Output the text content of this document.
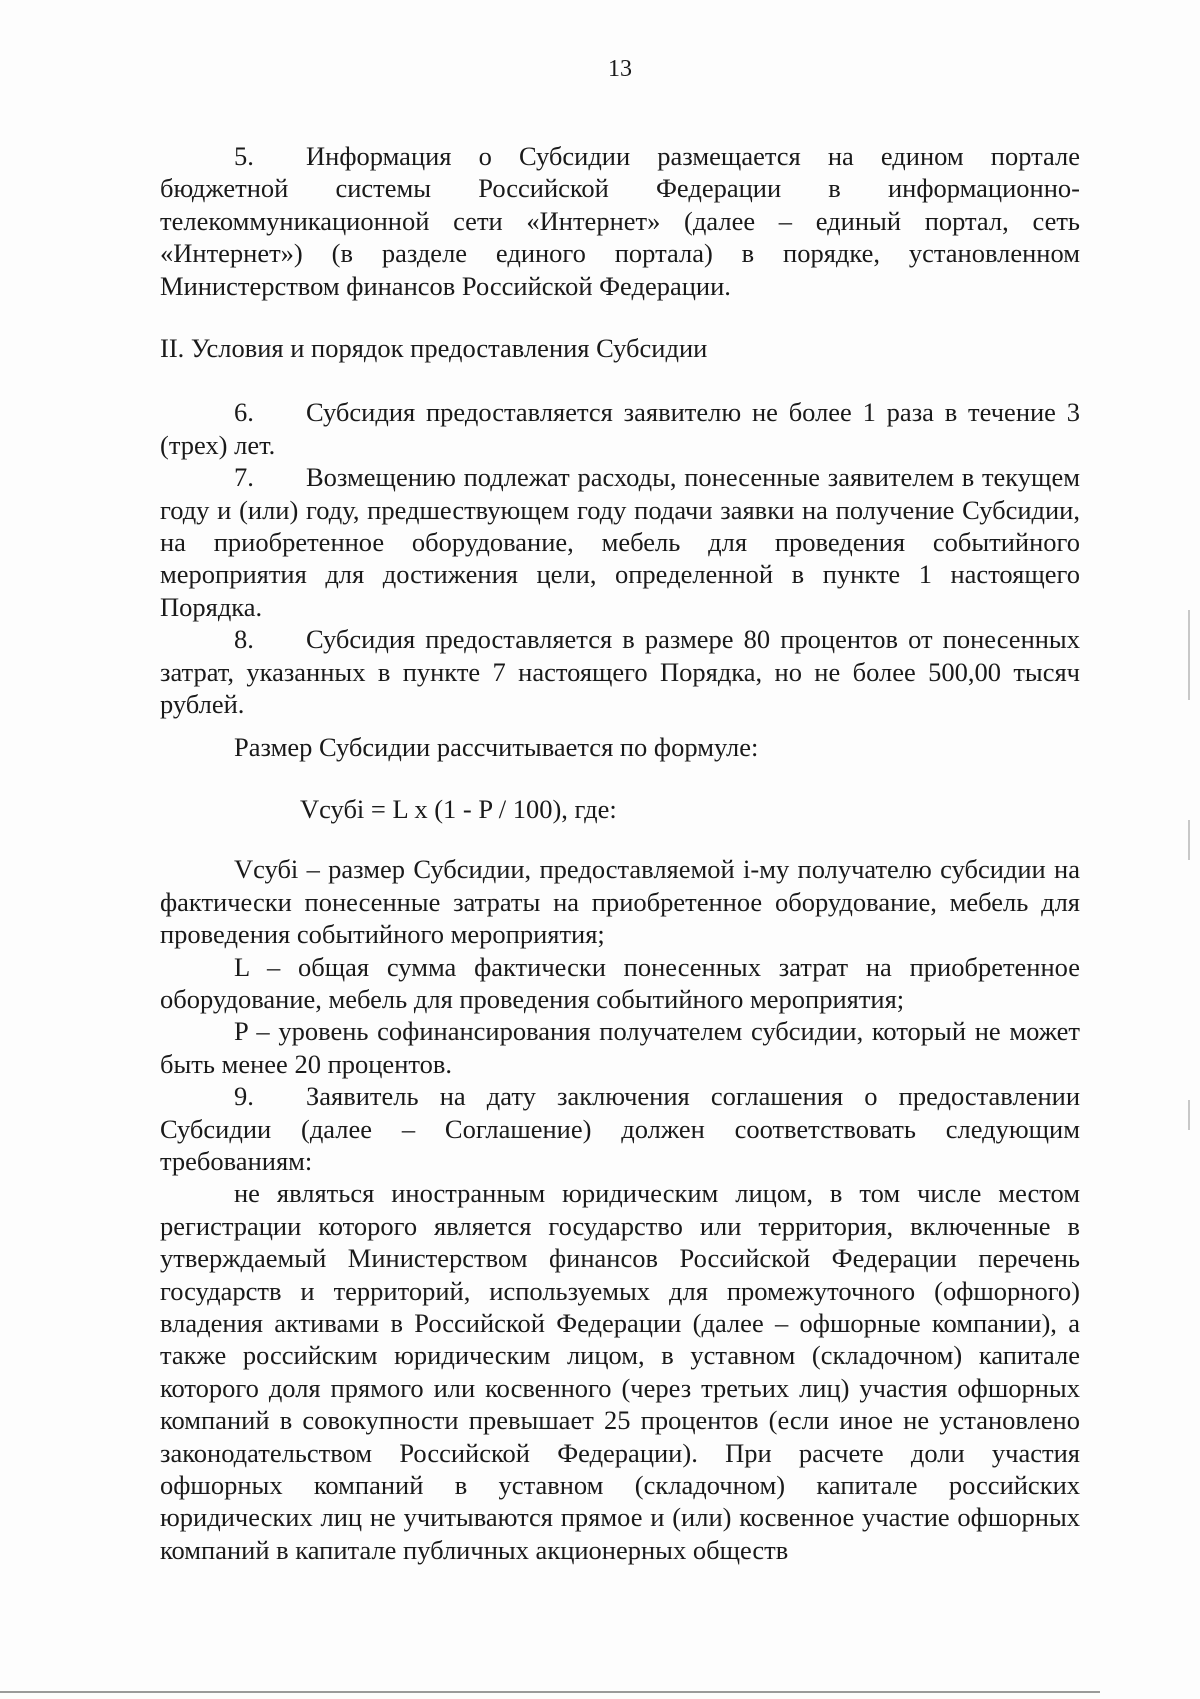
13

5. Информация о Субсидии размещается на едином портале бюджетной системы Российской Федерации в информационно-телекоммуникационной сети «Интернет» (далее – единый портал, сеть «Интернет») (в разделе единого портала) в порядке, установленном Министерством финансов Российской Федерации.

II. Условия и порядок предоставления Субсидии

6. Субсидия предоставляется заявителю не более 1 раза в течение 3 (трех) лет.

7. Возмещению подлежат расходы, понесенные заявителем в текущем году и (или) году, предшествующем году подачи заявки на получение Субсидии, на приобретенное оборудование, мебель для проведения событийного мероприятия для достижения цели, определенной в пункте 1 настоящего Порядка.

8. Субсидия предоставляется в размере 80 процентов от понесенных затрат, указанных в пункте 7 настоящего Порядка, но не более 500,00 тысяч рублей.

Размер Субсидии рассчитывается по формуле:

Vсубi = L x (1 - P / 100), где:

Vсубi – размер Субсидии, предоставляемой i-му получателю субсидии на фактически понесенные затраты на приобретенное оборудование, мебель для проведения событийного мероприятия;

L – общая сумма фактически понесенных затрат на приобретенное оборудование, мебель для проведения событийного мероприятия;

P – уровень софинансирования получателем субсидии, который не может быть менее 20 процентов.

9. Заявитель на дату заключения соглашения о предоставлении Субсидии (далее – Соглашение) должен соответствовать следующим требованиям:

не являться иностранным юридическим лицом, в том числе местом регистрации которого является государство или территория, включенные в утверждаемый Министерством финансов Российской Федерации перечень государств и территорий, используемых для промежуточного (офшорного) владения активами в Российской Федерации (далее – офшорные компании), а также российским юридическим лицом, в уставном (складочном) капитале которого доля прямого или косвенного (через третьих лиц) участия офшорных компаний в совокупности превышает 25 процентов (если иное не установлено законодательством Российской Федерации). При расчете доли участия офшорных компаний в уставном (складочном) капитале российских юридических лиц не учитываются прямое и (или) косвенное участие офшорных компаний в капитале публичных акционерных обществ
